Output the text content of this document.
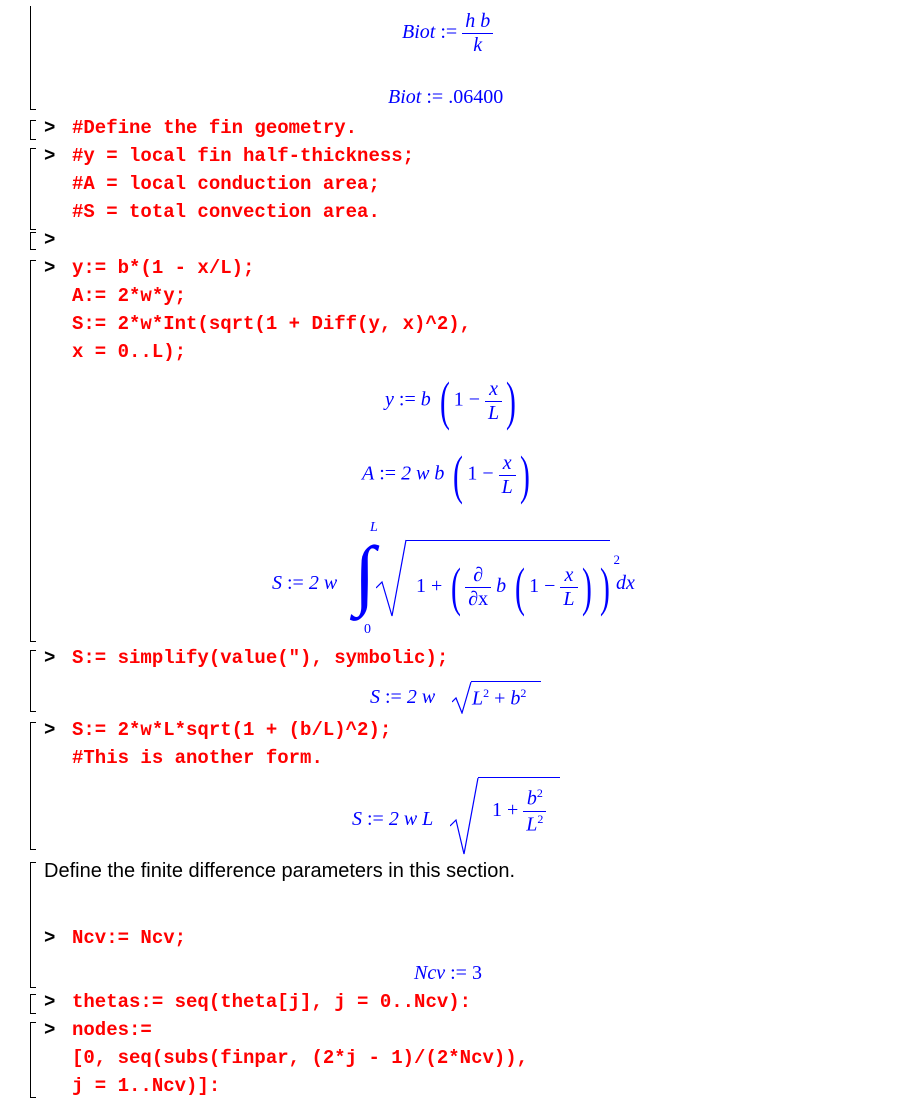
Biot := $\frac{\text{h b}}{k}$
Biot := .06400
> #Define the fin geometry.
> #y = local fin half-thickness;
#A = local conduction area;
#S = total convection area.
>
> y:= b*(1 - x/L);
A:= 2*w*y;
S:= 2*w*Int(sqrt(1 + Diff(y, x)^2),
x = 0..L);
y := b ( $1 - \frac{x}{L}$ )
A := 2 w b ( $1 - \frac{x}{L}$ )
S := 2 w ∫
L
0
1 + ( $\frac{\partial}{\partial x}$ b ( $1 - \frac{x}{L}$ ) ) $^2$
dx
> S:= simplify(value("), symbolic);
S := 2 w $L^2 + b^2$
> S:= 2*w*L*sqrt(1 + (b/L)^2);
#This is another form.
S := 2 w L	$1 + \frac{b^2}{L^2}$
Define the finite difference parameters in this section.
> Ncv:= Ncv;
Ncv := 3
> thetas:= seq(theta[j], j = 0..Ncv):
> nodes:=
[0, seq(subs(finpar, (2*j - 1)/(2*Ncv)),
j = 1..Ncv)]:
